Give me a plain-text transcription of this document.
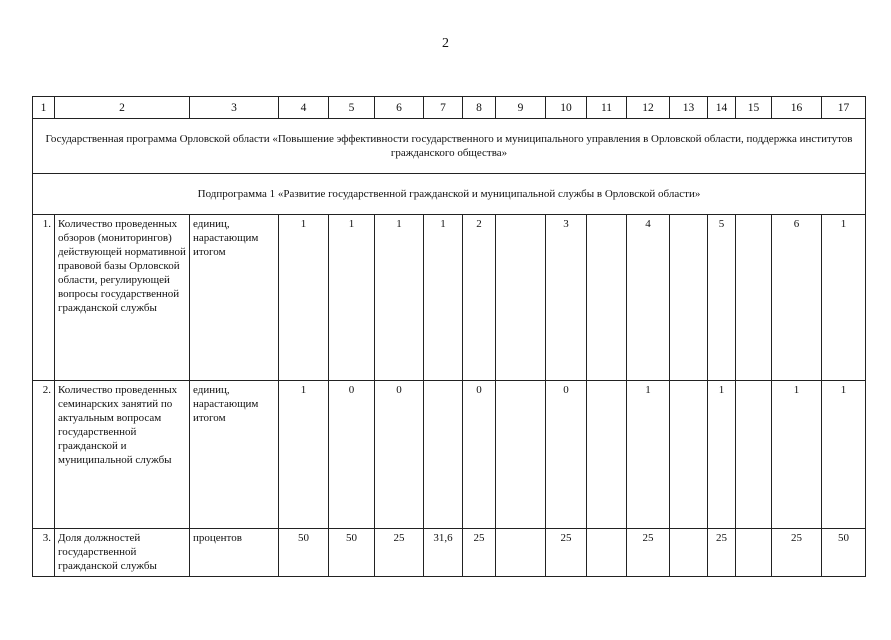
2
1	2	3	4	5	6	7	8	9	10	11	12	13	14	15	16	17
Государственная программа Орловской области «Повышение эффективности государственного и муниципального управления в Орловской области, поддержка институтов гражданского общества»																
Подпрограмма 1 «Развитие государственной гражданской и муниципальной службы в Орловской области»																
1.	Количество проведенных обзоров (мониторингов) действующей нормативной правовой базы Орловской области, регулирующей вопросы государственной гражданской службы	единиц, нарастающим итогом	1	1	1	1	2		3		4		5		6	1
2.	Количество проведенных семинарских занятий по актуальным вопросам государственной гражданской и муниципальной службы	единиц, нарастающим итогом	1	0	0		0		0		1		1		1	1
3.	Доля должностей государственной гражданской службы	процентов	50	50	25	31,6	25		25		25		25		25	50
